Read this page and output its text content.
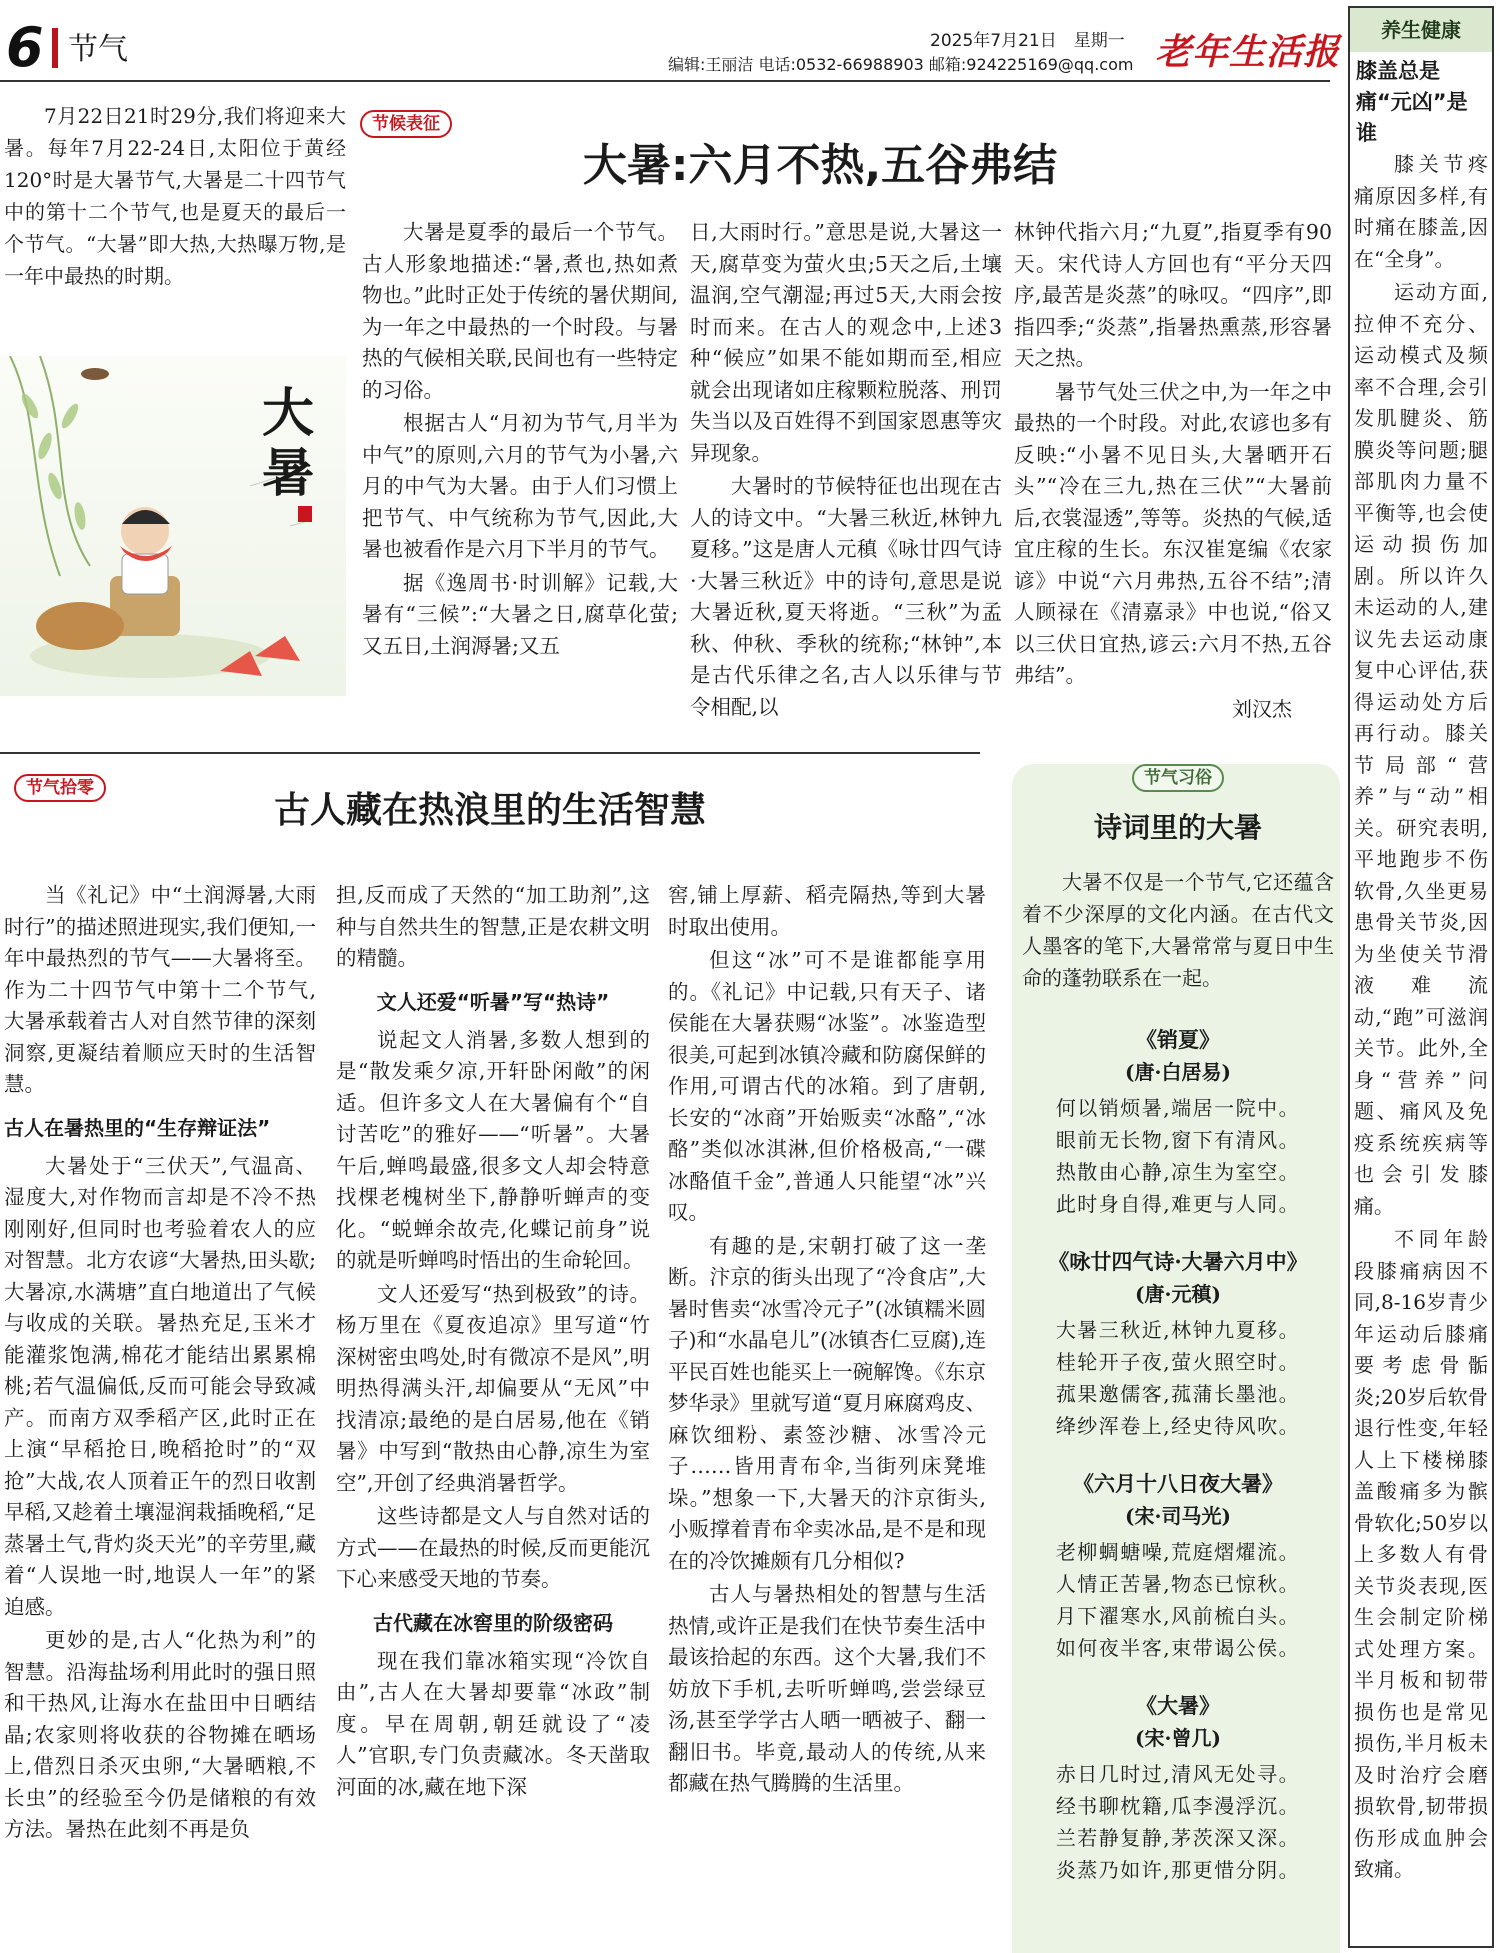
6 节气	2025年7月21日　星期一
编辑:王丽洁 电话:0532-66988903 邮箱:924225169@qq.com 老年生活报

7月22日21时29分,我们将迎来大暑。每年7月22-24日,太阳位于黄经120°时是大暑节气,大暑是二十四节气中的第十二个节气,也是夏天的最后一个节气。“大暑”即大热,大热曝万物,是一年中最热的时期。

大暑
节候表征
大暑:六月不热,五谷弗结

大暑是夏季的最后一个节气。古人形象地描述:“暑,煮也,热如煮物也。”此时正处于传统的暑伏期间,为一年之中最热的一个时段。与暑热的气候相关联,民间也有一些特定的习俗。

根据古人“月初为节气,月半为中气”的原则,六月的节气为小暑,六月的中气为大暑。由于人们习惯上把节气、中气统称为节气,因此,大暑也被看作是六月下半月的节气。

据《逸周书·时训解》记载,大暑有“三候”:“大暑之日,腐草化萤;又五日,土润溽暑;又五

日,大雨时行。”意思是说,大暑这一天,腐草变为萤火虫;5天之后,土壤温润,空气潮湿;再过5天,大雨会按时而来。在古人的观念中,上述3种“候应”如果不能如期而至,相应就会出现诸如庄稼颗粒脱落、刑罚失当以及百姓得不到国家恩惠等灾异现象。

大暑时的节候特征也出现在古人的诗文中。“大暑三秋近,林钟九夏移。”这是唐人元稹《咏廿四气诗·大暑三秋近》中的诗句,意思是说大暑近秋,夏天将逝。“三秋”为孟秋、仲秋、季秋的统称;“林钟”,本是古代乐律之名,古人以乐律与节令相配,以

林钟代指六月;“九夏”,指夏季有90天。宋代诗人方回也有“平分天四序,最苦是炎蒸”的咏叹。“四序”,即指四季;“炎蒸”,指暑热熏蒸,形容暑天之热。

暑节气处三伏之中,为一年之中最热的一个时段。对此,农谚也多有反映:“小暑不见日头,大暑晒开石头”“冷在三九,热在三伏”“大暑前后,衣裳湿透”,等等。炎热的气候,适宜庄稼的生长。东汉崔寔编《农家谚》中说“六月弗热,五谷不结”;清人顾禄在《清嘉录》中也说,“俗又以三伏日宜热,谚云:六月不热,五谷弗结”。

刘汉杰

节气拾零
古人藏在热浪里的生活智慧

当《礼记》中“土润溽暑,大雨时行”的描述照进现实,我们便知,一年中最热烈的节气——大暑将至。作为二十四节气中第十二个节气,大暑承载着古人对自然节律的深刻洞察,更凝结着顺应天时的生活智慧。

古人在暑热里的“生存辩证法”

大暑处于“三伏天”,气温高、湿度大,对作物而言却是不冷不热刚刚好,但同时也考验着农人的应对智慧。北方农谚“大暑热,田头歇;大暑凉,水满塘”直白地道出了气候与收成的关联。暑热充足,玉米才能灌浆饱满,棉花才能结出累累棉桃;若气温偏低,反而可能会导致减产。而南方双季稻产区,此时正在上演“早稻抢日,晚稻抢时”的“双抢”大战,农人顶着正午的烈日收割早稻,又趁着土壤湿润栽插晚稻,“足蒸暑土气,背灼炎天光”的辛劳里,藏着“人误地一时,地误人一年”的紧迫感。

更妙的是,古人“化热为利”的智慧。沿海盐场利用此时的强日照和干热风,让海水在盐田中日晒结晶;农家则将收获的谷物摊在晒场上,借烈日杀灭虫卵,“大暑晒粮,不长虫”的经验至今仍是储粮的有效方法。暑热在此刻不再是负

担,反而成了天然的“加工助剂”,这种与自然共生的智慧,正是农耕文明的精髓。

文人还爱“听暑”写“热诗”

说起文人消暑,多数人想到的是“散发乘夕凉,开轩卧闲敞”的闲适。但许多文人在大暑偏有个“自讨苦吃”的雅好——“听暑”。大暑午后,蝉鸣最盛,很多文人却会特意找棵老槐树坐下,静静听蝉声的变化。“蜕蝉余故壳,化蝶记前身”说的就是听蝉鸣时悟出的生命轮回。

文人还爱写“热到极致”的诗。杨万里在《夏夜追凉》里写道“竹深树密虫鸣处,时有微凉不是风”,明明热得满头汗,却偏要从“无风”中找清凉;最绝的是白居易,他在《销暑》中写到“散热由心静,凉生为室空”,开创了经典消暑哲学。

这些诗都是文人与自然对话的方式——在最热的时候,反而更能沉下心来感受天地的节奏。

古代藏在冰窖里的阶级密码

现在我们靠冰箱实现“冷饮自由”,古人在大暑却要靠“冰政”制度。早在周朝,朝廷就设了“凌人”官职,专门负责藏冰。冬天凿取河面的冰,藏在地下深

窖,铺上厚薪、稻壳隔热,等到大暑时取出使用。

但这“冰”可不是谁都能享用的。《礼记》中记载,只有天子、诸侯能在大暑获赐“冰鉴”。冰鉴造型很美,可起到冰镇冷藏和防腐保鲜的作用,可谓古代的冰箱。到了唐朝,长安的“冰商”开始贩卖“冰酪”,“冰酪”类似冰淇淋,但价格极高,“一碟冰酪值千金”,普通人只能望“冰”兴叹。

有趣的是,宋朝打破了这一垄断。汴京的街头出现了“冷食店”,大暑时售卖“冰雪冷元子”(冰镇糯米圆子)和“水晶皂儿”(冰镇杏仁豆腐),连平民百姓也能买上一碗解馋。《东京梦华录》里就写道“夏月麻腐鸡皮、麻饮细粉、素签沙糖、冰雪冷元子……皆用青布伞,当街列床凳堆垛。”想象一下,大暑天的汴京街头,小贩撑着青布伞卖冰品,是不是和现在的冷饮摊颇有几分相似?

古人与暑热相处的智慧与生活热情,或许正是我们在快节奏生活中最该拾起的东西。这个大暑,我们不妨放下手机,去听听蝉鸣,尝尝绿豆汤,甚至学学古人晒一晒被子、翻一翻旧书。毕竟,最动人的传统,从来都藏在热气腾腾的生活里。

节气习俗
诗词里的大暑

大暑不仅是一个节气,它还蕴含着不少深厚的文化内涵。在古代文人墨客的笔下,大暑常常与夏日中生命的蓬勃联系在一起。

《销夏》
(唐·白居易)
何以销烦暑,端居一院中。
眼前无长物,窗下有清风。
热散由心静,凉生为室空。
此时身自得,难更与人同。
《咏廿四气诗·大暑六月中》
(唐·元稹)
大暑三秋近,林钟九夏移。
桂轮开子夜,萤火照空时。
菰果邀儒客,菰蒲长墨池。
绛纱浑卷上,经史待风吹。
《六月十八日夜大暑》
(宋·司马光)
老柳蜩螗噪,荒庭熠燿流。
人情正苦暑,物态已惊秋。
月下濯寒水,风前梳白头。
如何夜半客,束带谒公侯。
《大暑》
(宋·曾几)
赤日几时过,清风无处寻。
经书聊枕籍,瓜李漫浮沉。
兰若静复静,茅茨深又深。
炎蒸乃如许,那更惜分阴。
养生健康
膝盖总是痛“元凶”是谁

膝关节疼痛原因多样,有时痛在膝盖,因在“全身”。

运动方面,拉伸不充分、运动模式及频率不合理,会引发肌腱炎、筋膜炎等问题;腿部肌肉力量不平衡等,也会使运动损伤加剧。所以许久未运动的人,建议先去运动康复中心评估,获得运动处方后再行动。膝关节局部“营养”与“动”相关。研究表明,平地跑步不伤软骨,久坐更易患骨关节炎,因为坐使关节滑液难流动,“跑”可滋润关节。此外,全身“营养”问题、痛风及免疫系统疾病等也会引发膝痛。

不同年龄段膝痛病因不同,8-16岁青少年运动后膝痛要考虑骨骺炎;20岁后软骨退行性变,年轻人上下楼梯膝盖酸痛多为髌骨软化;50岁以上多数人有骨关节炎表现,医生会制定阶梯式处理方案。半月板和韧带损伤也是常见损伤,半月板未及时治疗会磨损软骨,韧带损伤形成血肿会致痛。
